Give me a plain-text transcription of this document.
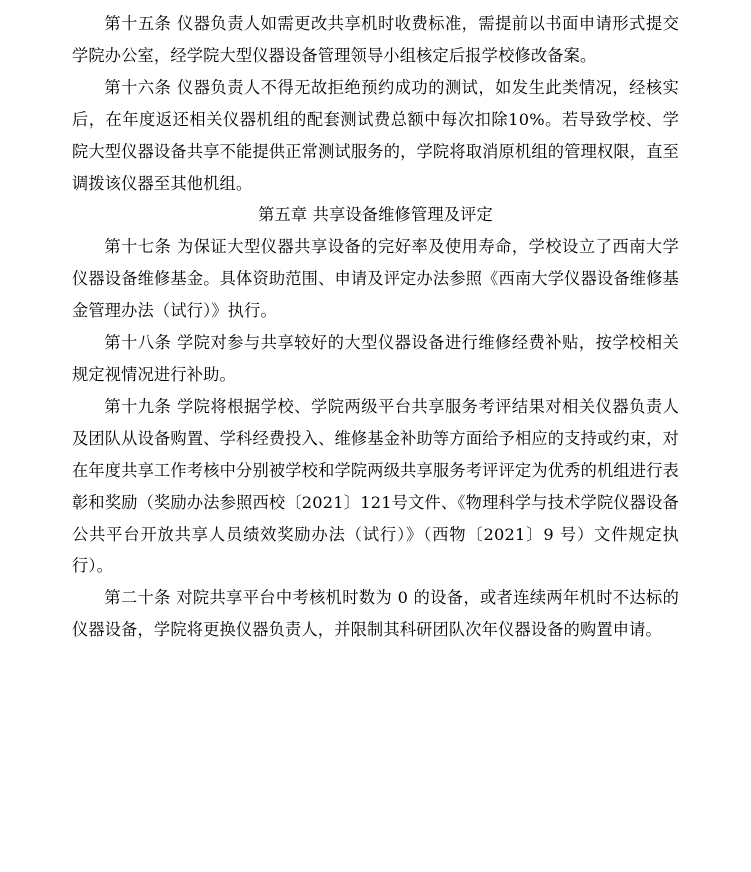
第十五条 仪器负责人如需更改共享机时收费标准，需提前以书面申请形式提交学院办公室，经学院大型仪器设备管理领导小组核定后报学校修改备案。

第十六条 仪器负责人不得无故拒绝预约成功的测试，如发生此类情况，经核实后，在年度返还相关仪器机组的配套测试费总额中每次扣除10%。若导致学校、学院大型仪器设备共享不能提供正常测试服务的，学院将取消原机组的管理权限，直至调拨该仪器至其他机组。

第五章 共享设备维修管理及评定

第十七条 为保证大型仪器共享设备的完好率及使用寿命，学校设立了西南大学仪器设备维修基金。具体资助范围、申请及评定办法参照《西南大学仪器设备维修基金管理办法（试行）》执行。

第十八条 学院对参与共享较好的大型仪器设备进行维修经费补贴，按学校相关规定视情况进行补助。

第十九条 学院将根据学校、学院两级平台共享服务考评结果对相关仪器负责人及团队从设备购置、学科经费投入、维修基金补助等方面给予相应的支持或约束，对在年度共享工作考核中分别被学校和学院两级共享服务考评评定为优秀的机组进行表彰和奖励（奖励办法参照西校〔2021〕121号文件、《物理科学与技术学院仪器设备公共平台开放共享人员绩效奖励办法（试行）》（西物〔2021〕9 号）文件规定执行）。

第二十条 对院共享平台中考核机时数为 0 的设备，或者连续两年机时不达标的仪器设备，学院将更换仪器负责人，并限制其科研团队次年仪器设备的购置申请。
